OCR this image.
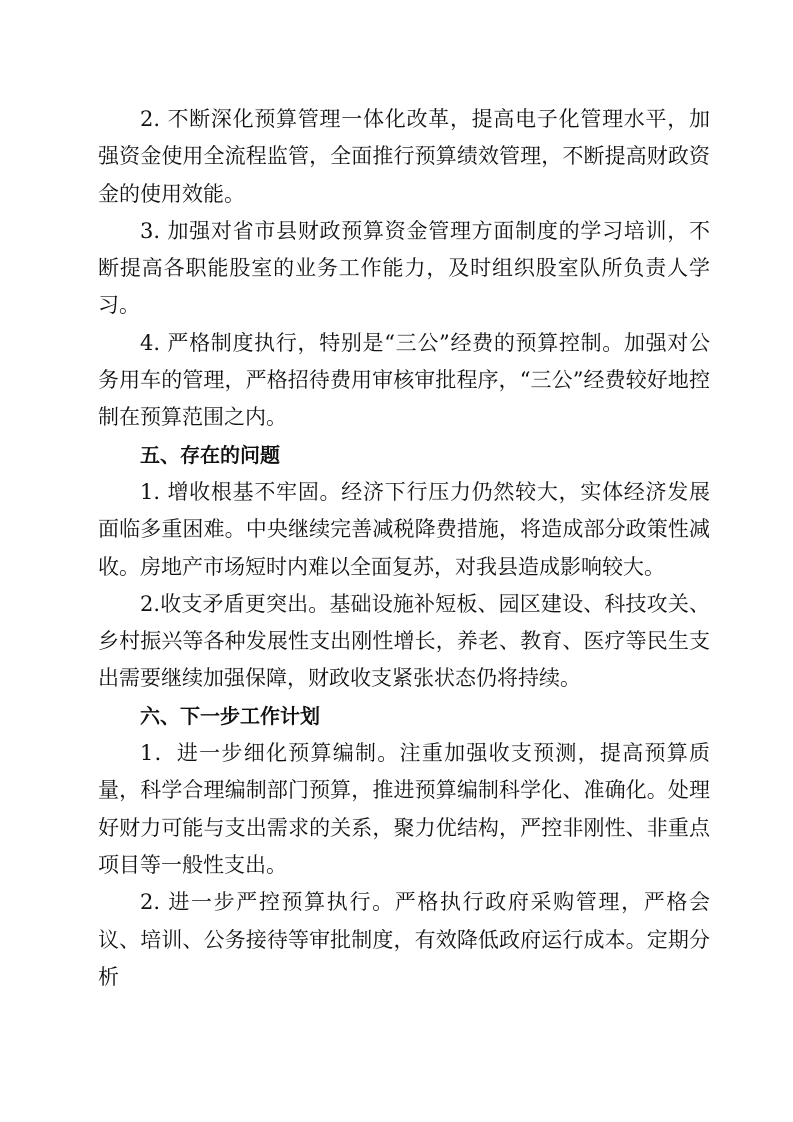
2. 不断深化预算管理一体化改革，提高电子化管理水平，加强资金使用全流程监管，全面推行预算绩效管理，不断提高财政资金的使用效能。

3. 加强对省市县财政预算资金管理方面制度的学习培训，不断提高各职能股室的业务工作能力，及时组织股室队所负责人学习。

4. 严格制度执行，特别是“三公”经费的预算控制。加强对公务用车的管理，严格招待费用审核审批程序，“三公”经费较好地控制在预算范围之内。

五、存在的问题

1. 增收根基不牢固。经济下行压力仍然较大，实体经济发展面临多重困难。中央继续完善减税降费措施，将造成部分政策性减收。房地产市场短时内难以全面复苏，对我县造成影响较大。

2.收支矛盾更突出。基础设施补短板、园区建设、科技攻关、乡村振兴等各种发展性支出刚性增长，养老、教育、医疗等民生支出需要继续加强保障，财政收支紧张状态仍将持续。

六、下一步工作计划

1．进一步细化预算编制。注重加强收支预测，提高预算质量，科学合理编制部门预算，推进预算编制科学化、准确化。处理好财力可能与支出需求的关系，聚力优结构，严控非刚性、非重点项目等一般性支出。

2. 进一步严控预算执行。严格执行政府采购管理，严格会议、培训、公务接待等审批制度，有效降低政府运行成本。定期分析
